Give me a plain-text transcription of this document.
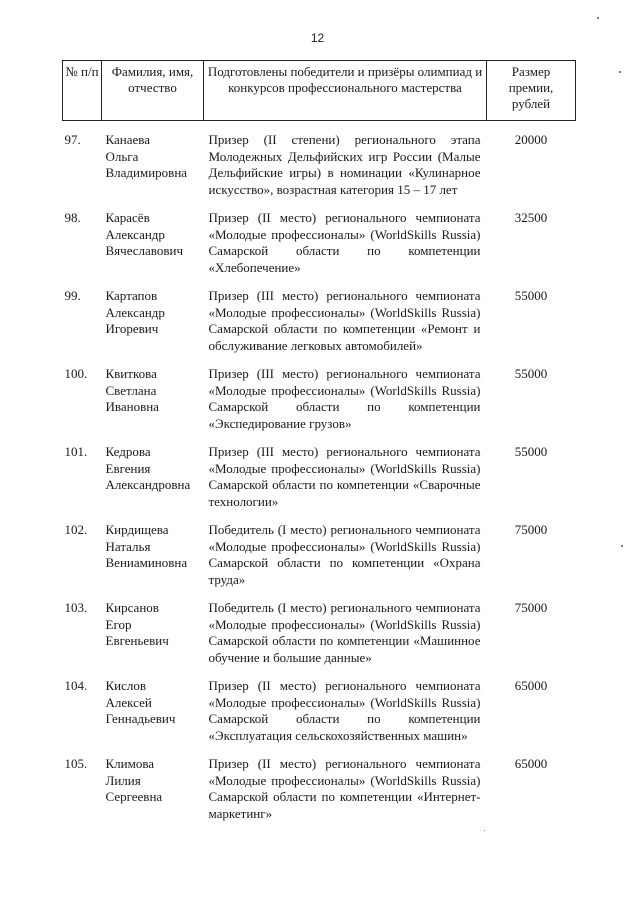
12
№ п/п	Фамилия, имя, отчество	Подготовлены победители и призёры олимпиад и конкурсов профессионального мастерства	Размер премии, рублей

97.	Канаева
Ольга
Владимировна	Призер (II степени) регионального этапа Молодежных Дельфийских игр России (Малые Дельфийские игры) в номинации «Кулинарное искусство», возрастная категория 15 – 17 лет	20000
98.	Карасёв
Александр
Вячеславович	Призер (II место) регионального чемпионата «Молодые профессионалы» (WorldSkills Russia) Самарской области по компетенции «Хлебопечение»	32500
99.	Картапов
Александр
Игоревич	Призер (III место) регионального чемпионата «Молодые профессионалы» (WorldSkills Russia) Самарской области по компетенции «Ремонт и обслуживание легковых автомобилей»	55000
100.	Квиткова
Светлана
Ивановна	Призер (III место) регионального чемпионата «Молодые профессионалы» (WorldSkills Russia) Самарской области по компетенции «Экспедирование грузов»	55000
101.	Кедрова
Евгения
Александровна	Призер (III место) регионального чемпионата «Молодые профессионалы» (WorldSkills Russia) Самарской области по компетенции «Сварочные технологии»	55000
102.	Кирдищева
Наталья
Вениаминовна	Победитель (I место) регионального чемпионата «Молодые профессионалы» (WorldSkills Russia) Самарской области по компетенции «Охрана труда»	75000
103.	Кирсанов
Егор
Евгеньевич	Победитель (I место) регионального чемпионата «Молодые профессионалы» (WorldSkills Russia) Самарской области по компетенции «Машинное обучение и большие данные»	75000
104.	Кислов
Алексей
Геннадьевич	Призер (II место) регионального чемпионата «Молодые профессионалы» (WorldSkills Russia) Самарской области по компетенции «Эксплуатация сельскохозяйственных машин»	65000
105.	Климова
Лилия
Сергеевна	Призер (II место) регионального чемпионата «Молодые профессионалы» (WorldSkills Russia) Самарской области по компетенции «Интернет-маркетинг»	65000
